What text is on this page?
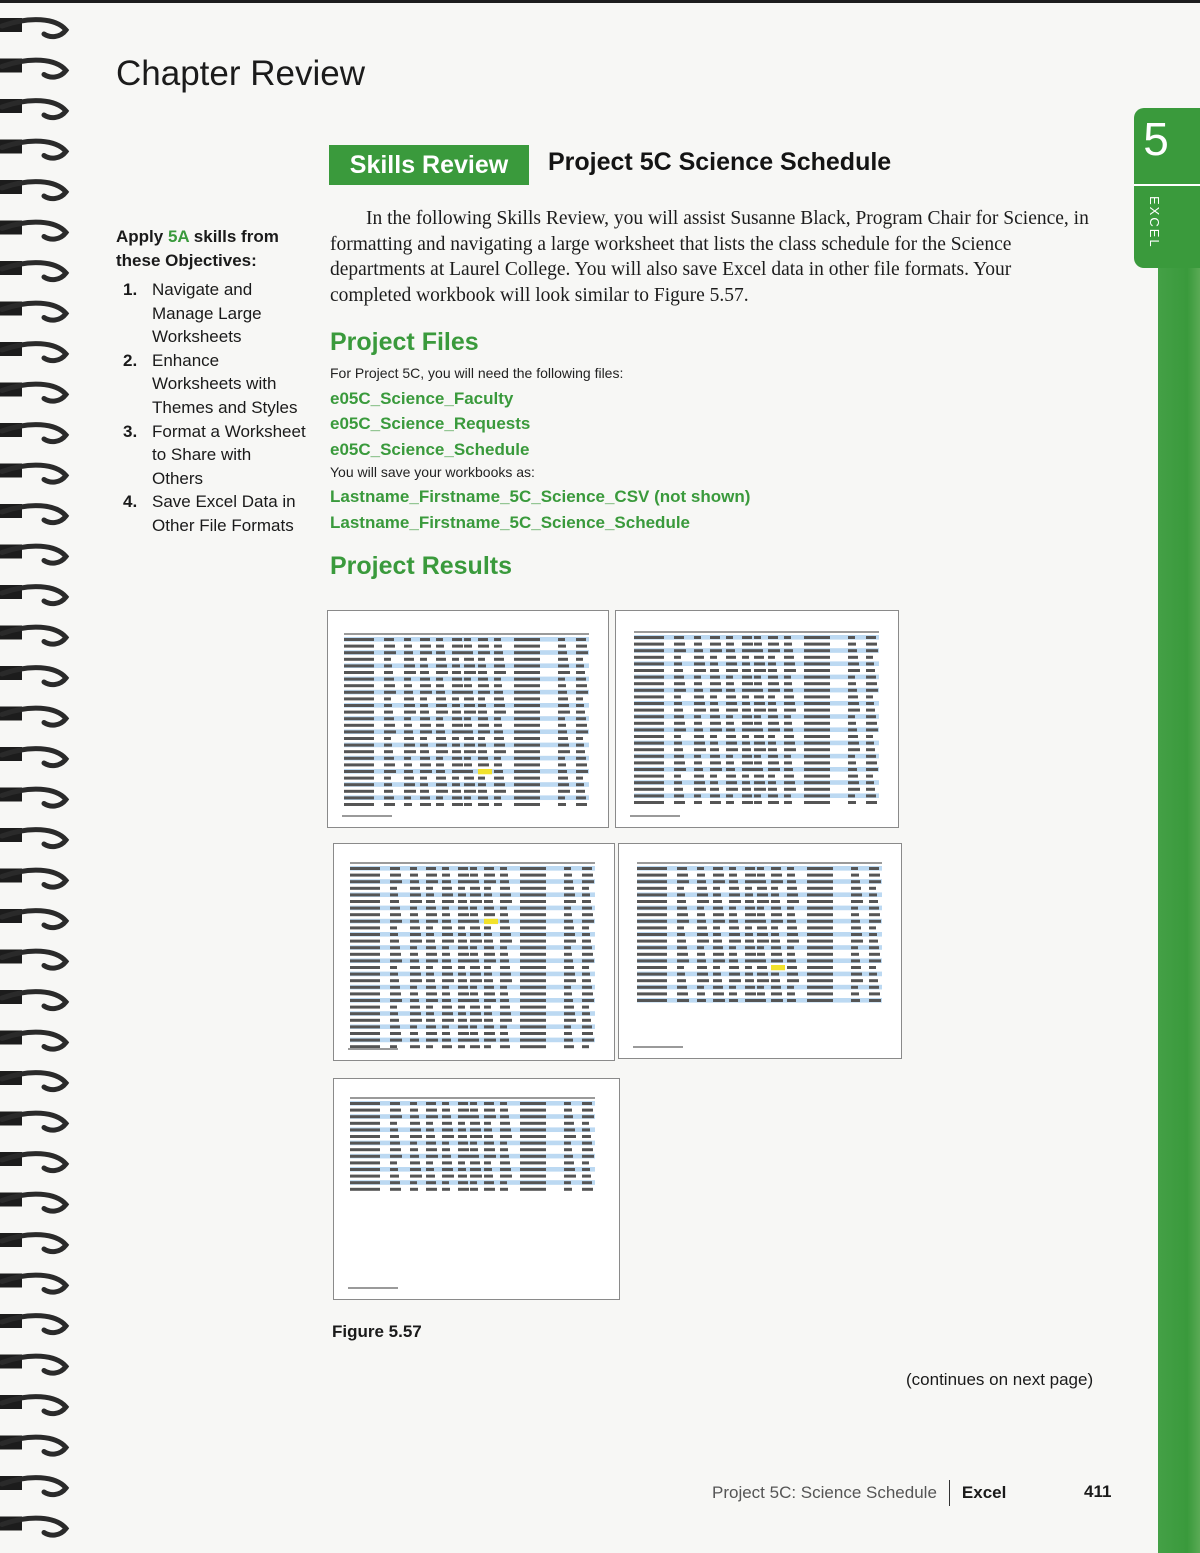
Chapter Review
5
EXCEL
Skills Review	Project 5C Science Schedule
Apply 5A skills from these Objectives:
1. Navigate and Manage Large Worksheets
2. Enhance Worksheets with Themes and Styles
3. Format a Worksheet to Share with Others
4. Save Excel Data in Other File Formats

In the following Skills Review, you will assist Susanne Black, Program Chair for Science, in formatting and navigating a large worksheet that lists the class schedule for the Science departments at Laurel College. You will also save Excel data in other file formats. Your completed workbook will look similar to Figure 5.57.

Project Files
For Project 5C, you will need the following files:
e05C_Science_Faculty
e05C_Science_Requests
e05C_Science_Schedule
You will save your workbooks as:
Lastname_Firstname_5C_Science_CSV (not shown)
Lastname_Firstname_5C_Science_Schedule
Project Results
Figure 5.57
(continues on next page)
Project 5C: Science Schedule Excel	411
